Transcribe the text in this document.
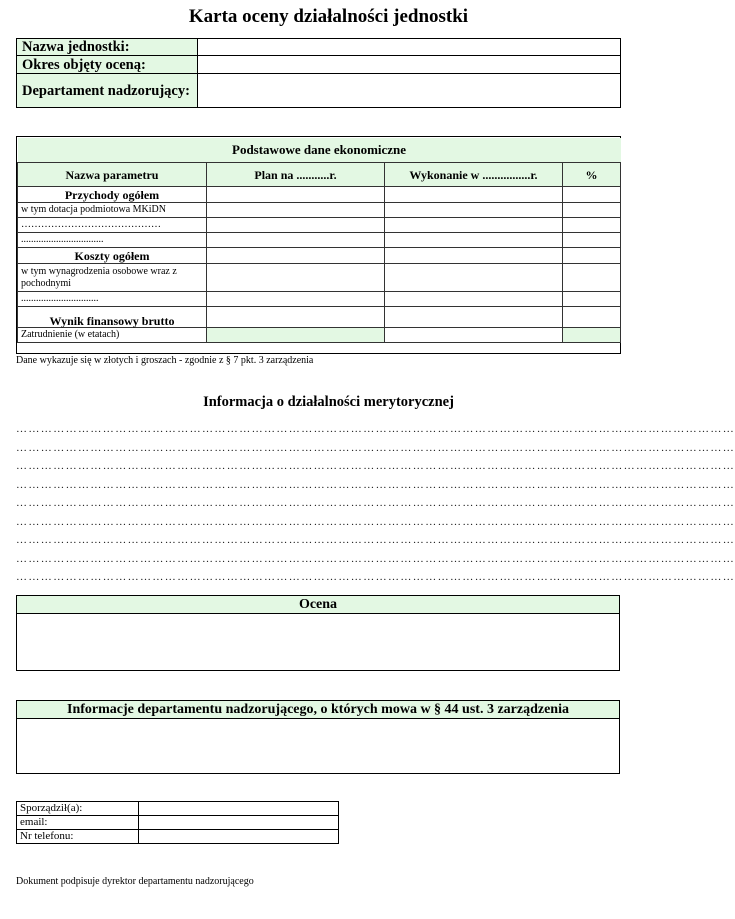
Karta oceny działalności jednostki
Nazwa jednostki:	
Okres objęty oceną:	
Departament nadzorujący:	
Podstawowe dane ekonomiczne			
Nazwa parametru	Plan na ...........r.	Wykonanie w ................r.	%
Przychody ogółem			
w tym dotacja podmiotowa MKiDN			
……………………………………			
.................................			
Koszty ogółem			
w tym wynagrodzenia osobowe wraz z pochodnymi			
...............................			
Wynik finansowy brutto			
Zatrudnienie (w etatach)			
Dane wykazuje się w złotych i groszach - zgodnie z § 7 pkt. 3 zarządzenia
Informacja o działalności merytorycznej
…………………………………………………………………………………………………………………………………………………………
…………………………………………………………………………………………………………………………………………………………
…………………………………………………………………………………………………………………………………………………………
…………………………………………………………………………………………………………………………………………………………
…………………………………………………………………………………………………………………………………………………………
…………………………………………………………………………………………………………………………………………………………
…………………………………………………………………………………………………………………………………………………………
…………………………………………………………………………………………………………………………………………………………
…………………………………………………………………………………………………………………………………………………………
Ocena
Informacje departamentu nadzorującego, o których mowa w § 44 ust. 3 zarządzenia
Sporządził(a):	
email:	
Nr telefonu:	
Dokument podpisuje dyrektor departamentu nadzorującego
